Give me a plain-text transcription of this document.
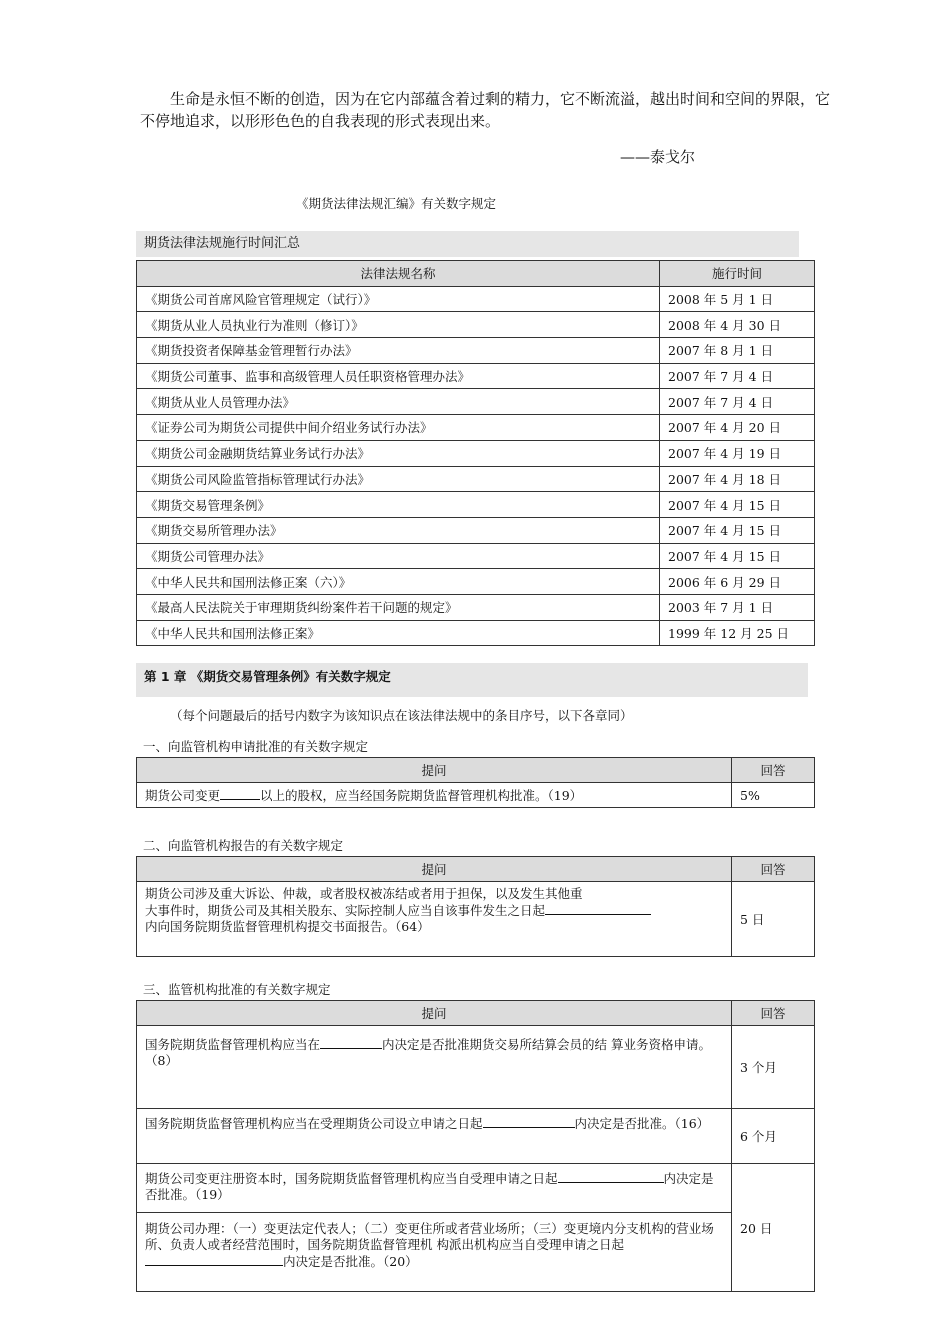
生命是永恒不断的创造，因为在它内部蕴含着过剩的精力，它不断流溢，越出时间和空间的界限，它不停地追求，以形形色色的自我表现的形式表现出来。

——泰戈尔
《期货法律法规汇编》有关数字规定
期货法律法规施行时间汇总
法律法规名称	施行时间
《期货公司首席风险官管理规定（试行）》	2008 年 5 月 1 日
《期货从业人员执业行为准则（修订）》	2008 年 4 月 30 日
《期货投资者保障基金管理暂行办法》	2007 年 8 月 1 日
《期货公司董事、监事和高级管理人员任职资格管理办法》	2007 年 7 月 4 日
《期货从业人员管理办法》	2007 年 7 月 4 日
《证券公司为期货公司提供中间介绍业务试行办法》	2007 年 4 月 20 日
《期货公司金融期货结算业务试行办法》	2007 年 4 月 19 日
《期货公司风险监管指标管理试行办法》	2007 年 4 月 18 日
《期货交易管理条例》	2007 年 4 月 15 日
《期货交易所管理办法》	2007 年 4 月 15 日
《期货公司管理办法》	2007 年 4 月 15 日
《中华人民共和国刑法修正案（六）》	2006 年 6 月 29 日
《最高人民法院关于审理期货纠纷案件若干问题的规定》	2003 年 7 月 1 日
《中华人民共和国刑法修正案》	1999 年 12 月 25 日
第 1 章 《期货交易管理条例》有关数字规定
（每个问题最后的括号内数字为该知识点在该法律法规中的条目序号，以下各章同）
一、向监管机构申请批准的有关数字规定
提问	回答
期货公司变更 以上的股权，应当经国务院期货监督管理机构批准。（19）	5%
二、向监管机构报告的有关数字规定
提问	回答

期货公司涉及重大诉讼、仲裁，或者股权被冻结或者用于担保，以及发生其他重
大事件时，期货公司及其相关股东、实际控制人应当自该事件发生之日起
内向国务院期货监督管理机构提交书面报告。（64）	5 日
三、监管机构批准的有关数字规定
提问	回答
国务院期货监督管理机构应当在 内决定是否批准期货交易所结算会员的结 算业务资格申请。（8）	3 个月
国务院期货监督管理机构应当在受理期货公司设立申请之日起 内决定是否批准。（16）	6 个月
期货公司变更注册资本时，国务院期货监督管理机构应当自受理申请之日起 内决定是否批准。（19）	20 日
期货公司办理：（一）变更法定代表人；（二）变更住所或者营业场所；（三）变更境内分支机构的营业场所、负责人或者经营范围时，国务院期货监督管理机 构派出机构应当自受理申请之日起内决定是否批准。（20）	
